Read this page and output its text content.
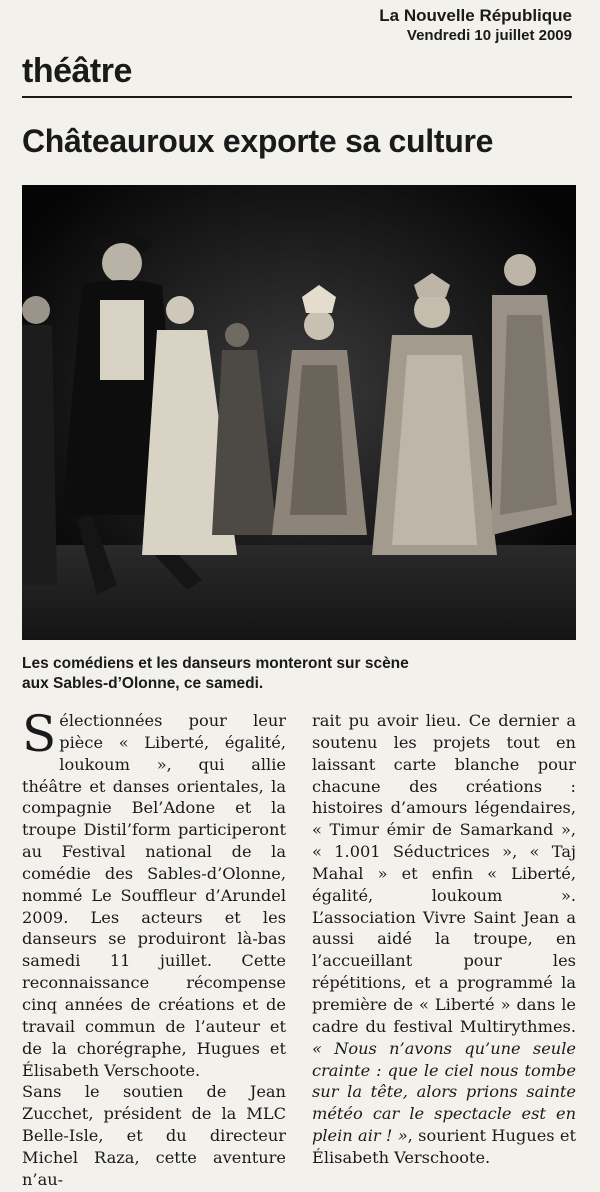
La Nouvelle République
Vendredi 10 juillet 2009
théâtre
Châteauroux exporte sa culture
Les comédiens et les danseurs monteront sur scène
aux Sables-d’Olonne, ce samedi.

Sélectionnées pour leur pièce « Liberté, égalité, loukoum », qui allie théâtre et danses orientales, la compagnie Bel’Adone et la troupe Distil’form participeront au Festival national de la comédie des Sables-d’Olonne, nommé Le Souffleur d’Arundel 2009. Les acteurs et les danseurs se produiront là-bas samedi 11 juillet. Cette reconnaissance récompense cinq années de créations et de travail commun de l’auteur et de la chorégraphe, Hugues et Élisabeth Verschoote.

Sans le soutien de Jean Zucchet, président de la MLC Belle-Isle, et du directeur Michel Raza, cette aventure n’au-

rait pu avoir lieu. Ce dernier a soutenu les projets tout en laissant carte blanche pour chacune des créations : histoires d’amours légendaires, « Timur émir de Samarkand », « 1.001 Séductrices », « Taj Mahal » et enfin « Liberté, égalité, loukoum ». L’association Vivre Saint Jean a aussi aidé la troupe, en l’accueillant pour les répétitions, et a programmé la première de « Liberté » dans le cadre du festival Multirythmes. « Nous n’avons qu’une seule crainte : que le ciel nous tombe sur la tête, alors prions sainte météo car le spectacle est en plein air ! », sourient Hugues et Élisabeth Verschoote.
